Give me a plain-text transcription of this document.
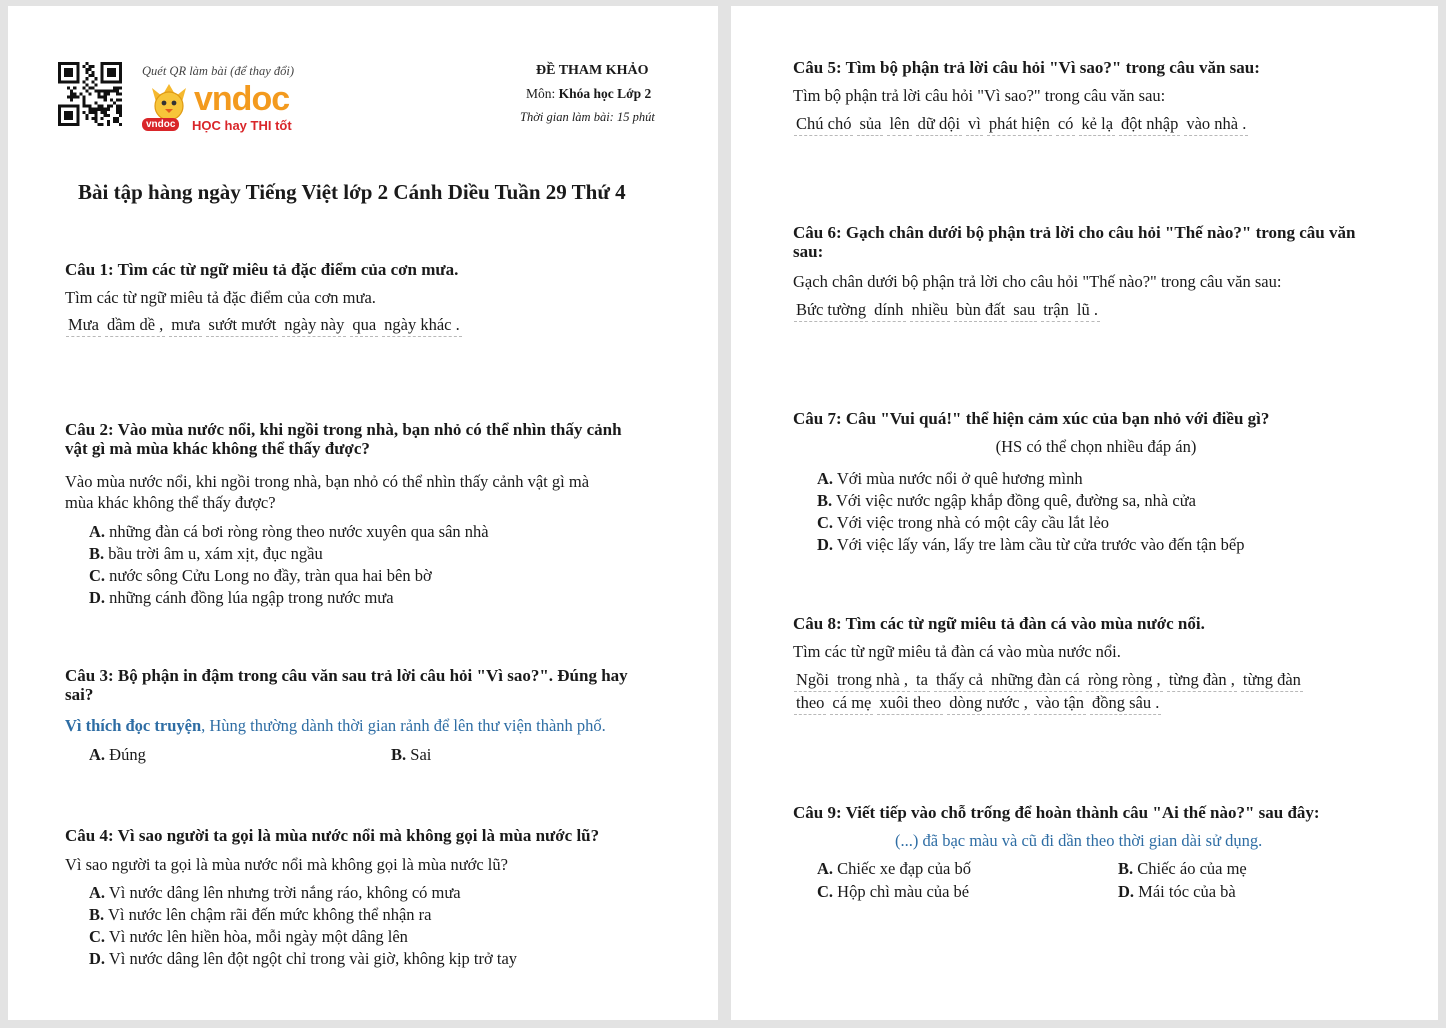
Quét QR làm bài (để thay đổi)
vndoc
vndoc	HỌC hay THI tốt
ĐỀ THAM KHẢO
Môn: Khóa học Lớp 2
Thời gian làm bài: 15 phút
Bài tập hàng ngày Tiếng Việt lớp 2 Cánh Diều Tuần 29 Thứ 4
Câu 1: Tìm các từ ngữ miêu tả đặc điểm của cơn mưa.
Tìm các từ ngữ miêu tả đặc điểm của cơn mưa.
Mưa dầm dề , mưa sướt mướt ngày này qua ngày khác .
Câu 2: Vào mùa nước nổi, khi ngồi trong nhà, bạn nhỏ có thể nhìn thấy cảnh
vật gì mà mùa khác không thể thấy được?
Vào mùa nước nổi, khi ngồi trong nhà, bạn nhỏ có thể nhìn thấy cảnh vật gì mà
mùa khác không thể thấy được?
A. những đàn cá bơi ròng ròng theo nước xuyên qua sân nhà
B. bầu trời âm u, xám xịt, đục ngầu
C. nước sông Cửu Long no đầy, tràn qua hai bên bờ
D. những cánh đồng lúa ngập trong nước mưa
Câu 3: Bộ phận in đậm trong câu văn sau trả lời câu hỏi "Vì sao?". Đúng hay
sai?
Vì thích đọc truyện, Hùng thường dành thời gian rảnh để lên thư viện thành phố.
A. Đúng	B. Sai
Câu 4: Vì sao người ta gọi là mùa nước nổi mà không gọi là mùa nước lũ?
Vì sao người ta gọi là mùa nước nổi mà không gọi là mùa nước lũ?
A. Vì nước dâng lên nhưng trời nắng ráo, không có mưa
B. Vì nước lên chậm rãi đến mức không thể nhận ra
C. Vì nước lên hiền hòa, mỗi ngày một dâng lên
D. Vì nước dâng lên đột ngột chỉ trong vài giờ, không kịp trở tay
Câu 5: Tìm bộ phận trả lời câu hỏi "Vì sao?" trong câu văn sau:
Tìm bộ phận trả lời câu hỏi "Vì sao?" trong câu văn sau:
Chú chó sủa lên dữ dội vì phát hiện có kẻ lạ đột nhập vào nhà .
Câu 6: Gạch chân dưới bộ phận trả lời cho câu hỏi "Thế nào?" trong câu văn
sau:
Gạch chân dưới bộ phận trả lời cho câu hỏi "Thế nào?" trong câu văn sau:
Bức tường dính nhiều bùn đất sau trận lũ .
Câu 7: Câu "Vui quá!" thể hiện cảm xúc của bạn nhỏ với điều gì?
(HS có thể chọn nhiều đáp án)
A. Với mùa nước nổi ở quê hương mình
B. Với việc nước ngập khắp đồng quê, đường sa, nhà cửa
C. Với việc trong nhà có một cây cầu lắt lẻo
D. Với việc lấy ván, lấy tre làm cầu từ cửa trước vào đến tận bếp
Câu 8: Tìm các từ ngữ miêu tả đàn cá vào mùa nước nổi.
Tìm các từ ngữ miêu tả đàn cá vào mùa nước nổi.
Ngồi trong nhà , ta thấy cả những đàn cá ròng ròng , từng đàn , từng đàn
theo cá mẹ xuôi theo dòng nước , vào tận đồng sâu .
Câu 9: Viết tiếp vào chỗ trống để hoàn thành câu "Ai thế nào?" sau đây:
(...) đã bạc màu và cũ đi dần theo thời gian dài sử dụng.
A. Chiếc xe đạp của bố	B. Chiếc áo của mẹ
C. Hộp chì màu của bé	D. Mái tóc của bà
